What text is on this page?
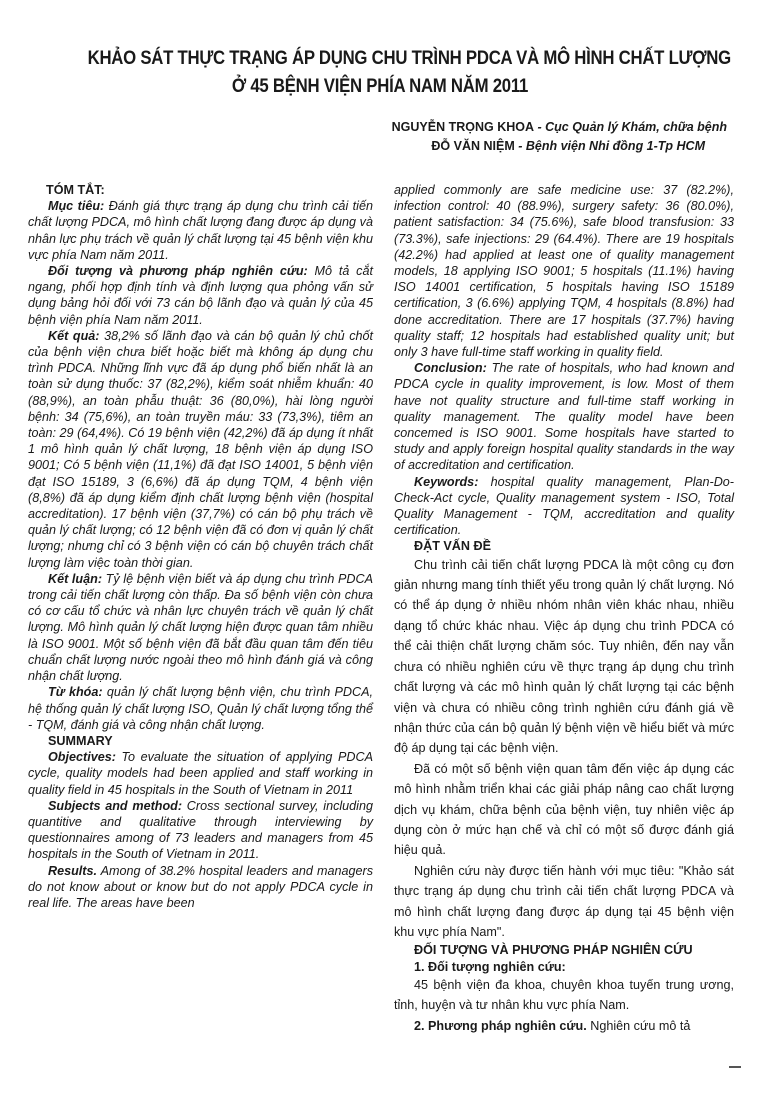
KHẢO SÁT THỰC TRẠNG ÁP DỤNG CHU TRÌNH PDCA VÀ MÔ HÌNH CHẤT LƯỢNG
Ở 45 BỆNH VIỆN PHÍA NAM NĂM 2011
NGUYỄN TRỌNG KHOA - Cục Quản lý Khám, chữa bệnh
ĐỖ VĂN NIỆM - Bệnh viện Nhi đồng 1-Tp HCM

TÓM TẮT:

Mục tiêu: Đánh giá thực trạng áp dụng chu trình cải tiến chất lượng PDCA, mô hình chất lượng đang được áp dụng và nhân lực phụ trách về quản lý chất lượng tại 45 bệnh viện khu vực phía Nam năm 2011.

Đối tượng và phương pháp nghiên cứu: Mô tả cắt ngang, phối hợp định tính và định lượng qua phỏng vấn sử dụng bảng hỏi đối với 73 cán bộ lãnh đạo và quản lý của 45 bệnh viện phía Nam năm 2011.

Kết quả: 38,2% số lãnh đạo và cán bộ quản lý chủ chốt của bệnh viện chưa biết hoặc biết mà không áp dụng chu trình PDCA. Những lĩnh vực đã áp dụng phổ biến nhất là an toàn sử dụng thuốc: 37 (82,2%), kiểm soát nhiễm khuẩn: 40 (88,9%), an toàn phẫu thuật: 36 (80,0%), hài lòng người bệnh: 34 (75,6%), an toàn truyền máu: 33 (73,3%), tiêm an toàn: 29 (64,4%). Có 19 bệnh viện (42,2%) đã áp dụng ít nhất 1 mô hình quản lý chất lượng, 18 bệnh viện áp dụng ISO 9001; Có 5 bệnh viện (11,1%) đã đạt ISO 14001, 5 bệnh viện đạt ISO 15189, 3 (6,6%) đã áp dụng TQM, 4 bệnh viện (8,8%) đã áp dụng kiểm định chất lượng bệnh viện (hospital accreditation). 17 bệnh viện (37,7%) có cán bộ phụ trách về quản lý chất lượng; có 12 bệnh viện đã có đơn vị quản lý chất lượng; nhưng chỉ có 3 bệnh viện có cán bộ chuyên trách chất lượng làm việc toàn thời gian.

Kết luận: Tỷ lệ bệnh viện biết và áp dụng chu trình PDCA trong cải tiến chất lượng còn thấp. Đa số bệnh viện còn chưa có cơ cấu tổ chức và nhân lực chuyên trách về quản lý chất lượng. Mô hình quản lý chất lượng hiện được quan tâm nhiều là ISO 9001. Một số bệnh viện đã bắt đầu quan tâm đến tiêu chuẩn chất lượng nước ngoài theo mô hình đánh giá và công nhận chất lượng.

Từ khóa: quản lý chất lượng bệnh viện, chu trình PDCA, hệ thống quản lý chất lượng ISO, Quản lý chất lượng tổng thể - TQM, đánh giá và công nhận chất lượng.

SUMMARY

Objectives: To evaluate the situation of applying PDCA cycle, quality models had been applied and staff working in quality field in 45 hospitals in the South of Vietnam in 2011

Subjects and method: Cross sectional survey, including quantitive and qualitative through interviewing by questionnaires among of 73 leaders and managers from 45 hospitals in the South of Vietnam in 2011.

Results. Among of 38.2% hospital leaders and managers do not know about or know but do not apply PDCA cycle in real life. The areas have been

applied commonly are safe medicine use: 37 (82.2%), infection control: 40 (88.9%), surgery safety: 36 (80.0%), patient satisfaction: 34 (75.6%), safe blood transfusion: 33 (73.3%), safe injections: 29 (64.4%). There are 19 hospitals (42.2%) had applied at least one of quality management models, 18 applying ISO 9001; 5 hospitals (11.1%) having ISO 14001 certification, 5 hospitals having ISO 15189 certification, 3 (6.6%) applying TQM, 4 hospitals (8.8%) had done accreditation. There are 17 hospitals (37.7%) having quality staff; 12 hospitals had established quality unit; but only 3 have full-time staff working in quality field.

Conclusion: The rate of hospitals, who had known and PDCA cycle in quality improvement, is low. Most of them have not quality structure and full-time staff working in quality management. The quality model have been concemed is ISO 9001. Some hospitals have started to study and apply foreign hospital quality standards in the way of accreditation and certification.

Keywords: hospital quality management, Plan-Do-Check-Act cycle, Quality management system - ISO, Total Quality Management - TQM, accreditation and quality certification.

ĐẶT VẤN ĐỀ

Chu trình cải tiến chất lượng PDCA là một công cụ đơn giản nhưng mang tính thiết yếu trong quản lý chất lượng. Nó có thể áp dụng ở nhiều nhóm nhân viên khác nhau, nhiều dạng tổ chức khác nhau. Việc áp dụng chu trình PDCA có thể cải thiện chất lượng chăm sóc. Tuy nhiên, đến nay vẫn chưa có nhiều nghiên cứu về thực trạng áp dụng chu trình chất lượng và các mô hình quản lý chất lượng tại các bệnh viện và chưa có nhiều công trình nghiên cứu đánh giá về nhận thức của cán bộ quản lý bệnh viện về hiểu biết và mức độ áp dụng tại các bệnh viện.

Đã có một số bệnh viện quan tâm đến việc áp dụng các mô hình nhằm triển khai các giải pháp nâng cao chất lượng dịch vụ khám, chữa bệnh của bệnh viện, tuy nhiên việc áp dụng còn ở mức hạn chế và chỉ có một số được đánh giá hiệu quả.

Nghiên cứu này được tiến hành với mục tiêu: "Khảo sát thực trạng áp dụng chu trình cải tiến chất lượng PDCA và mô hình chất lượng đang được áp dụng tại 45 bệnh viện khu vực phía Nam".

ĐỐI TƯỢNG VÀ PHƯƠNG PHÁP NGHIÊN CỨU

1. Đối tượng nghiên cứu:

45 bệnh viện đa khoa, chuyên khoa tuyến trung ương, tỉnh, huyện và tư nhân khu vực phía Nam.

2. Phương pháp nghiên cứu. Nghiên cứu mô tả
